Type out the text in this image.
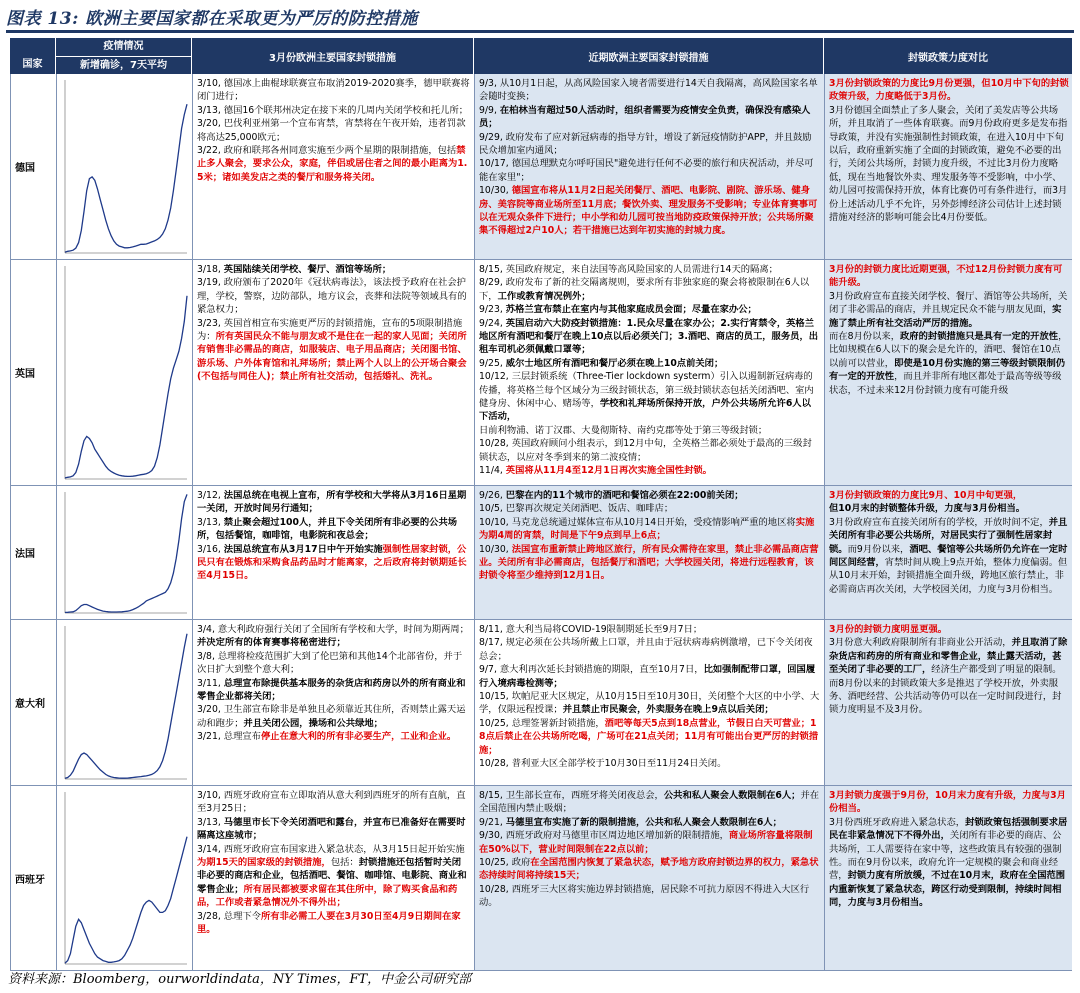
图表 13: 欧洲主要国家都在采取更为严厉的防控措施
国家
疫情情况
新增确诊，7天平均
3月份欧洲主要国家封锁措施	近期欧洲主要国家封锁措施	封锁政策力度对比
德国

3/10, 德国冰上曲棍球联赛宣布取消2019-2020赛季，德甲联赛将闭门进行；

3/13, 德国16个联邦州决定在接下来的几周内关闭学校和托儿所；

3/20, 巴伐利亚州第一个宣布宵禁，宵禁将在午夜开始，违者罚款将高达25,000欧元；

3/22, 政府和联邦各州同意实施至少两个星期的限制措施，包括禁止多人聚会，要求公众，家庭，伴侣或居住者之间的最小距离为1.5米；诸如美发店之类的餐厅和服务将关闭。

9/3, 从10月1日起，从高风险国家入境者需要进行14天自我隔离，高风险国家名单会随时变换；

9/9, 在柏林当有超过50人活动时，组织者需要为疫情安全负责，确保没有感染人员；

9/29, 政府发布了应对新冠病毒的指导方针，增设了新冠疫情防护APP，并且鼓励民众增加室内通风；

10/17, 德国总理默克尔呼吁国民"避免进行任何不必要的旅行和庆祝活动，并尽可能在家里"；

10/30, 德国宣布将从11月2日起关闭餐厅、酒吧、电影院、剧院、游乐场、健身房、美容院等商业场所至11月底；餐饮外卖、理发服务不受影响；专业体育赛事可以在无观众条件下进行；中小学和幼儿园可按当地防疫政策保持开放；公共场所聚集不得超过2户10人；若干措施已达到年初实施的封城力度。

3月份封锁政策的力度比9月份更强，但10月中下旬的封锁政策升级，力度略低于3月份。

3月份德国全面禁止了多人聚会，关闭了美发店等公共场所，并且取消了一些体育联赛。而9月份政府更多是发布指导政策，并没有实施强制性封锁政策，在进入10月中下旬以后，政府重新实施了全面的封锁政策，避免不必要的出行，关闭公共场所，封锁力度升级，不过比3月份力度略低，现在当地餐饮外卖、理发服务等不受影响，中小学、幼儿园可按需保持开放，体育比赛仍可有条件进行，而3月份上述活动几乎不允许，另外彭博经济公司估计上述封锁措施对经济的影响可能会比4月份要低。

英国

3/18, 英国陆续关闭学校、餐厅、酒馆等场所；

3/19, 政府颁布了2020年《冠状病毒法》，该法授予政府在社会护理，学校，警察，边防部队，地方议会，丧葬和法院等领域具有的紧急权力；

3/23, 英国首相宣布实施更严厉的封锁措施，宣布的5项限制措施为：所有英国民众不能与朋友或不是住在一起的家人见面；关闭所有销售非必需品的商店，如服装店、电子用品商店；关闭图书馆、游乐场、户外体育馆和礼拜场所；禁止两个人以上的公开场合聚会(不包括与同住人)；禁止所有社交活动，包括婚礼、洗礼。

8/15, 英国政府规定，来自法国等高风险国家的人员需进行14天的隔离；

8/29, 政府发布了新的社交隔离规则，要求所有非独家庭的聚会将被限制在6人以下，工作或教育情况例外；

9/23, 苏格兰宣布禁止在室内与其他家庭成员会面；尽量在家办公；

9/24, 英国启动六大防疫封锁措施：1.民众尽量在家办公；2.实行宵禁令，英格兰地区所有酒吧和餐厅在晚上10点以后必须关门；3.酒吧、商店的员工，服务员，出租车司机必须佩戴口罩等；

9/25, 威尔士地区所有酒吧和餐厅必须在晚上10点前关闭；

10/12, 三层封锁系统（Three-Tier lockdown systerm）引入以遏制新冠病毒的传播，将英格兰每个区域分为三级封锁状态，第三级封锁状态包括关闭酒吧、室内健身房、休闲中心、赌场等，学校和礼拜场所保持开放，户外公共场所允许6人以下活动，

日前利物浦、诺丁汉郡、大曼彻斯特、南约克郡等处于第三等级封锁；

10/28, 英国政府顾问小组表示，到12月中旬，全英格兰都必须处于最高的三级封锁状态，以应对冬季到来的第二波疫情；

11/4, 英国将从11月4至12月1日再次实施全国性封锁。

3月份的封锁力度比近期更强，不过12月份封锁力度有可能升级。

3月份政府宣布直接关闭学校、餐厅、酒馆等公共场所，关闭了非必需品的商店，并且规定民众不能与朋友见面，实施了禁止所有社交活动严厉的措施。

而在8月份以来，政府的封锁措施只是具有一定的开放性，比如规模在6人以下的聚会是允许的，酒吧、餐馆在10点以前可以营业，即使是10月份实施的第三等级封锁限制仍有一定的开放性，而且并非所有地区都处于最高等级等级状态，不过未来12月份封锁力度有可能升级

法国

3/12, 法国总统在电视上宣布，所有学校和大学将从3月16日星期一关闭，开放时间另行通知；

3/13, 禁止聚会超过100人，并且下令关闭所有非必要的公共场所，包括餐馆，咖啡馆，电影院和夜总会；

3/16, 法国总统宣布从3月17日中午开始实施强制性居家封锁，公民只有在锻炼和采购食品药品时才能离家，之后政府将封锁期延长至4月15日。

9/26, 巴黎在内的11个城市的酒吧和餐馆必须在22:00前关闭；

10/5, 巴黎再次规定关闭酒吧、饭店、咖啡店；

10/10, 马克龙总统通过媒体宣布从10月14日开始，受疫情影响严重的地区将实施为期4周的宵禁，时间是下午9点到早上6点；

10/30, 法国宣布重新禁止跨地区旅行，所有民众需待在家里，禁止非必需品商店营业。关闭所有非必需商店，包括餐厅和酒吧；大学校园关闭，将进行远程教育，该封锁令将至少维持到12月1日。

3月份封锁政策的力度比9月、10月中旬更强，

但10月末的封锁整体升级，力度与3月份相当。

3月份政府宣布直接关闭所有的学校，开放时间不定，并且关闭所有非必要公共场所，对居民实行了强制性居家封锁。而9月份以来，酒吧、餐馆等公共场所仍允许在一定时间区间经营，宵禁时间从晚上9点开始，整体力度偏弱。但从10月末开始，封锁措施全面升级，跨地区旅行禁止，非必需商店再次关闭，大学校园关闭，力度与3月份相当。

意大利

3/4, 意大利政府强行关闭了全国所有学校和大学，时间为期两周；并决定所有的体育赛事将秘密进行；

3/8, 总理将检疫范围扩大到了伦巴第和其他14个北部省份，并于次日扩大到整个意大利；

3/11, 总理宣布除提供基本服务的杂货店和药房以外的所有商业和零售企业都将关闭；

3/20, 卫生部宣布除非是单独且必须靠近其住所，否则禁止露天运动和跑步；并且关闭公园，操场和公共绿地；

3/21, 总理宣布停止在意大利的所有非必要生产，工业和企业。

8/11, 意大利当局将COVID-19限制期延长至9月7日；

8/17, 规定必须在公共场所戴上口罩，并且由于冠状病毒病例激增，已下令关闭夜总会；

9/7, 意大利再次延长封锁措施的期限，直至10月7日，比如强制配带口罩，回国履行入境病毒检测等；

10/15, 坎帕尼亚大区规定，从10月15日至10月30日，关闭整个大区的中小学、大学，仅限远程授课；并且禁止市民聚会，外卖服务在晚上9点以后关闭；

10/25, 总理签署新封锁措施，酒吧等每天5点到18点营业，节假日白天可营业；18点后禁止在公共场所吃喝，广场可在21点关闭；11月有可能出台更严厉的封锁措施；

10/28, 普利亚大区全部学校于10月30日至11月24日关闭。

3月份的封锁力度明显更强。

3月份意大利政府限制所有非商业公开活动，并且取消了除杂货店和药房的所有商业和零售企业，禁止露天活动，甚至关闭了非必要的工厂，经济生产都受到了明显的限制。而8月份以来的封锁政策大多是推迟了学校开放，外卖服务、酒吧经营、公共活动等仍可以在一定时间段进行，封锁力度明显不及3月份。

西班牙

3/10, 西班牙政府宣布立即取消从意大利到西班牙的所有直航，直至3月25日；

3/13, 马德里市长下令关闭酒吧和露台，并宣布已准备好在需要时隔离这座城市；

3/14, 西班牙政府宣布国家进入紧急状态，从3月15日起开始实施为期15天的国家级的封锁措施，包括：封锁措施还包括暂时关闭非必要的商店和企业，包括酒吧、餐馆、咖啡馆、电影院、商业和零售企业；所有居民都被要求留在其住所中，除了购买食品和药品，工作或者紧急情况外不得外出；

3/28, 总理下令所有非必需工人要在3月30日至4月9日期间在家里。

8/15, 卫生部长宣布，西班牙将关闭夜总会，公共和私人聚会人数限制在6人；并在全国范围内禁止吸烟；

9/21, 马德里宣布实施了新的限制措施，公共和私人聚会人数限制在6人；

9/30, 西班牙政府对马德里市区周边地区增加新的限制措施，商业场所容量将限制在50%以下，营业时间限制在22点以前；

10/25, 政府在全国范围内恢复了紧急状态，赋予地方政府封锁边界的权力，紧急状态持续时间将持续15天；

10/28, 西班牙三大区将实施边界封锁措施，居民除不可抗力原因不得进入大区行动。

3月封锁力度强于9月份，10月末力度有升级，力度与3月份相当。

3月份西班牙政府进入紧急状态，封锁政策包括强制要求居民在非紧急情况下不得外出，关闭所有非必要的商店、公共场所，工人需要待在家中等，这些政策具有较强的强制性。而在9月份以来，政府允许一定规模的聚会和商业经营，封锁力度有所放缓，不过在10月末，政府在全国范围内重新恢复了紧急状态，跨区行动受到限制，持续时间相同，力度与3月份相当。

资料来源：Bloomberg，ourworldindata，NY Times，FT，中金公司研究部
